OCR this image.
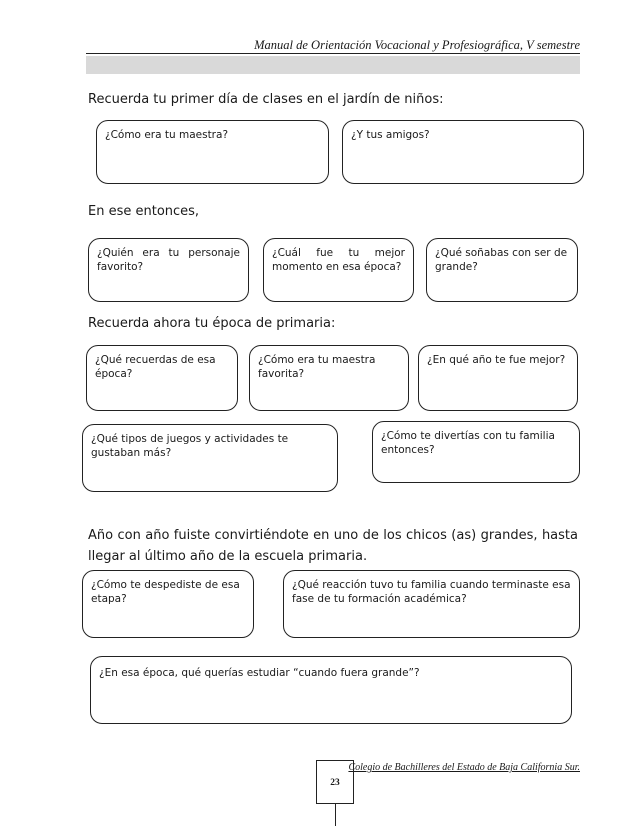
Manual de Orientación Vocacional y Profesiográfica, V semestre
Recuerda tu primer día de clases en el jardín de niños:
¿Cómo era tu maestra?	¿Y tus amigos?
En ese entonces,
¿Quién era tu personaje favorito?
¿Cuál fue tu mejor momento en esa época?
¿Qué soñabas con ser de grande?
Recuerda ahora tu época de primaria:
¿Qué recuerdas de esa época?
¿Cómo era tu maestra favorita?
¿En qué año te fue mejor?
¿Qué tipos de juegos y actividades te gustaban más?
¿Cómo te divertías con tu familia entonces?
Año con año fuiste convirtiéndote en uno de los chicos (as) grandes, hasta llegar al último año de la escuela primaria.
¿Cómo te despediste de esa etapa?
¿Qué reacción tuvo tu familia cuando terminaste esa fase de tu formación académica?
¿En esa época, qué querías estudiar “cuando fuera grande”?
Colegio de Bachilleres del Estado de Baja California Sur.
23
